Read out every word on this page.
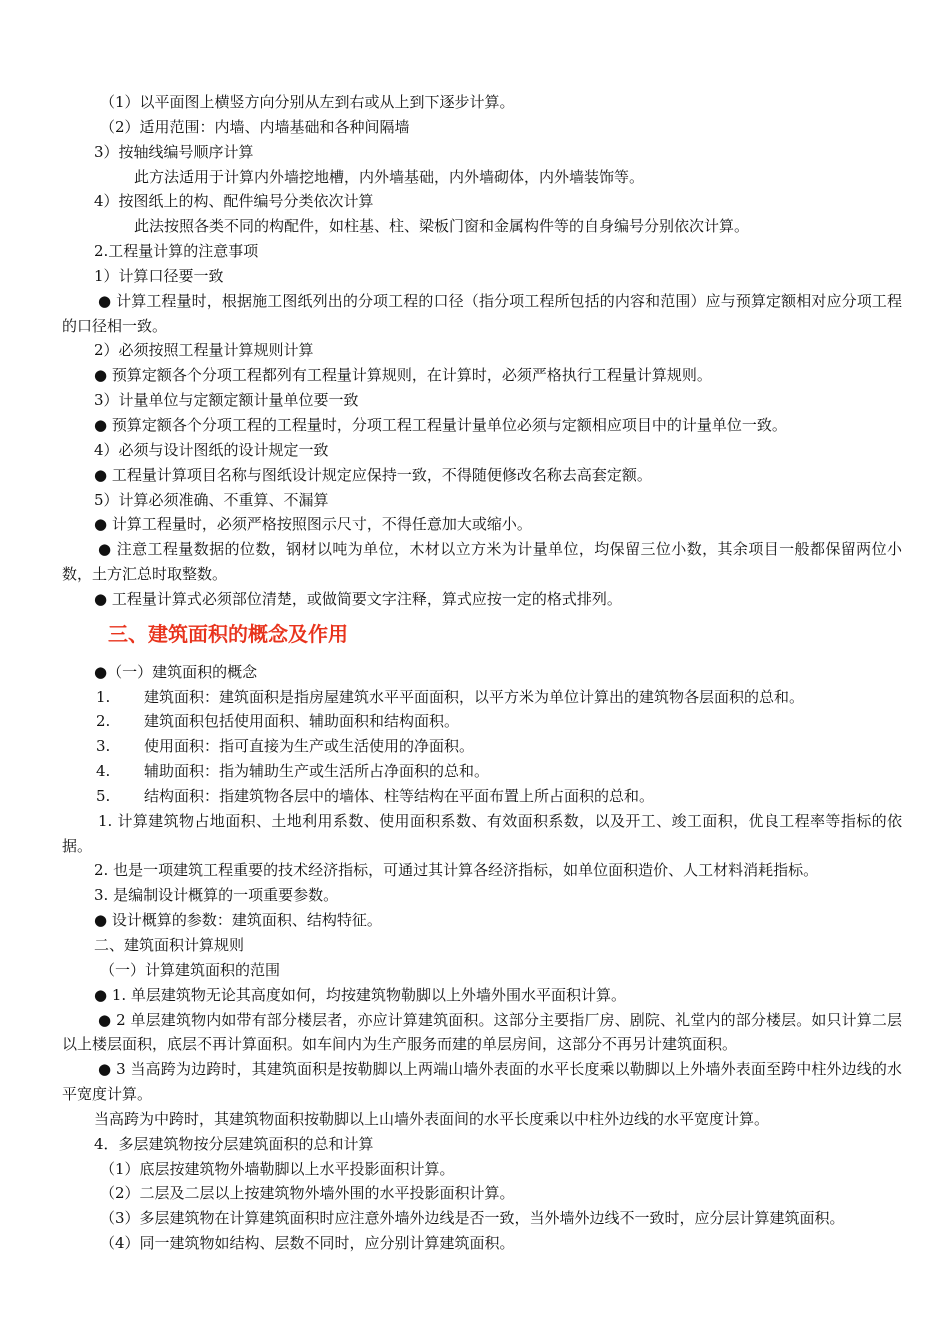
（1）以平面图上横竖方向分别从左到右或从上到下逐步计算。
（2）适用范围：内墙、内墙基础和各种间隔墙
3）按轴线编号顺序计算
此方法适用于计算内外墙挖地槽，内外墙基础，内外墙砌体，内外墙装饰等。
4）按图纸上的构、配件编号分类依次计算
此法按照各类不同的构配件，如柱基、柱、梁板门窗和金属构件等的自身编号分别依次计算。
2.工程量计算的注意事项
1）计算口径要一致
● 计算工程量时，根据施工图纸列出的分项工程的口径（指分项工程所包括的内容和范围）应与预算定额相对应分项工程的口径相一致。
2）必须按照工程量计算规则计算
● 预算定额各个分项工程都列有工程量计算规则，在计算时，必须严格执行工程量计算规则。
3）计量单位与定额定额计量单位要一致
● 预算定额各个分项工程的工程量时，分项工程工程量计量单位必须与定额相应项目中的计量单位一致。
4）必须与设计图纸的设计规定一致
● 工程量计算项目名称与图纸设计规定应保持一致，不得随便修改名称去高套定额。
5）计算必须准确、不重算、不漏算
● 计算工程量时，必须严格按照图示尺寸，不得任意加大或缩小。
● 注意工程量数据的位数，钢材以吨为单位，木材以立方米为计量单位，均保留三位小数，其余项目一般都保留两位小数，土方汇总时取整数。
● 工程量计算式必须部位清楚，或做简要文字注释，算式应按一定的格式排列。
三、建筑面积的概念及作用
●（一）建筑面积的概念
1. 建筑面积：建筑面积是指房屋建筑水平平面面积，以平方米为单位计算出的建筑物各层面积的总和。
2. 建筑面积包括使用面积、辅助面积和结构面积。
3. 使用面积：指可直接为生产或生活使用的净面积。
4. 辅助面积：指为辅助生产或生活所占净面积的总和。
5. 结构面积：指建筑物各层中的墙体、柱等结构在平面布置上所占面积的总和。
1. 计算建筑物占地面积、土地利用系数、使用面积系数、有效面积系数，以及开工、竣工面积，优良工程率等指标的依据。
2. 也是一项建筑工程重要的技术经济指标，可通过其计算各经济指标，如单位面积造价、人工材料消耗指标。
3. 是编制设计概算的一项重要参数。
● 设计概算的参数：建筑面积、结构特征。
二、建筑面积计算规则
（一）计算建筑面积的范围
● 1. 单层建筑物无论其高度如何，均按建筑物勒脚以上外墙外围水平面积计算。
● 2 单层建筑物内如带有部分楼层者，亦应计算建筑面积。这部分主要指厂房、剧院、礼堂内的部分楼层。如只计算二层以上楼层面积，底层不再计算面积。如车间内为生产服务而建的单层房间，这部分不再另计建筑面积。
● 3 当高跨为边跨时，其建筑面积是按勒脚以上两端山墙外表面的水平长度乘以勒脚以上外墙外表面至跨中柱外边线的水平宽度计算。
当高跨为中跨时，其建筑物面积按勒脚以上山墙外表面间的水平长度乘以中柱外边线的水平宽度计算。
4．多层建筑物按分层建筑面积的总和计算
（1）底层按建筑物外墙勒脚以上水平投影面积计算。
（2）二层及二层以上按建筑物外墙外围的水平投影面积计算。
（3）多层建筑物在计算建筑面积时应注意外墙外边线是否一致，当外墙外边线不一致时，应分层计算建筑面积。
（4）同一建筑物如结构、层数不同时，应分别计算建筑面积。
